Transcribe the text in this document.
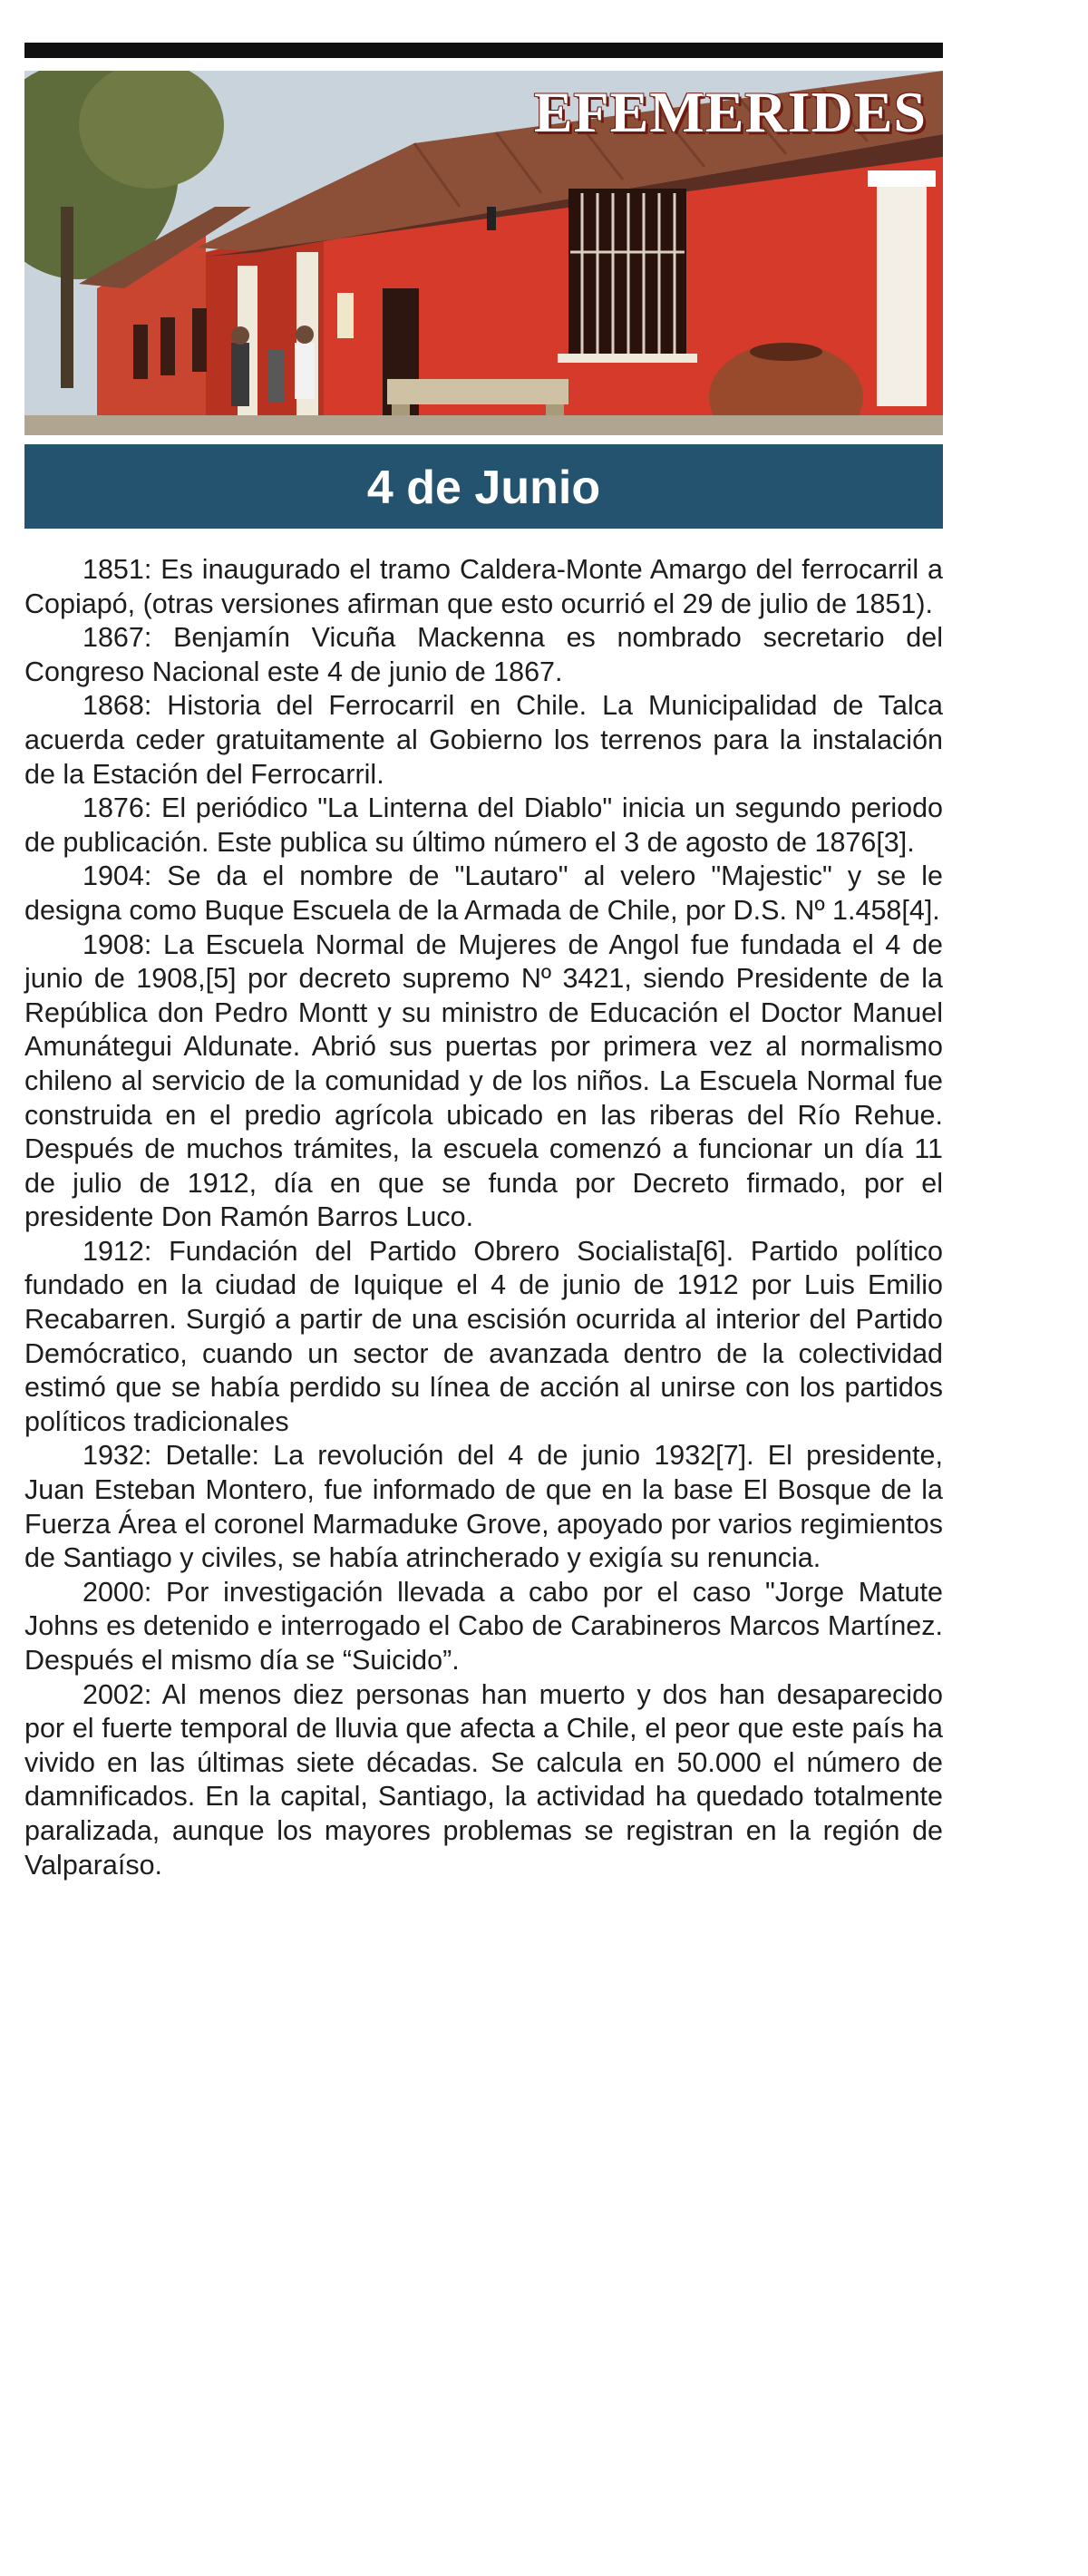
EFEMERIDES
4 de Junio

1851: Es inaugurado el tramo Caldera-Monte Amargo del ferrocarril a Copiapó, (otras versiones afirman que esto ocurrió el 29 de julio de 1851).

1867: Benjamín Vicuña Mackenna es nombrado secretario del Congreso Nacional este 4 de junio de 1867.

1868: Historia del Ferrocarril en Chile. La Municipalidad de Talca acuerda ceder gratuitamente al Gobierno los terrenos para la instalación de la Estación del Ferrocarril.

1876: El periódico "La Linterna del Diablo" inicia un segundo periodo de publicación. Este publica su último número el 3 de agosto de 1876[3].

1904: Se da el nombre de "Lautaro" al velero "Majestic" y se le designa como Buque Escuela de la Armada de Chile, por D.S. Nº 1.458[4].

1908: La Escuela Normal de Mujeres de Angol fue fundada el 4 de junio de 1908,[5] por decreto supremo Nº 3421, siendo Presidente de la República don Pedro Montt y su ministro de Educación el Doctor Manuel Amunátegui Aldunate. Abrió sus puertas por primera vez al normalismo chileno al servicio de la comunidad y de los niños. La Escuela Normal fue construida en el predio agrícola ubicado en las riberas del Río Rehue. Después de muchos trámites, la escuela comenzó a funcionar un día 11 de julio de 1912, día en que se funda por Decreto firmado, por el presidente Don Ramón Barros Luco.

1912: Fundación del Partido Obrero Socialista[6]. Partido político fundado en la ciudad de Iquique el 4 de junio de 1912 por Luis Emilio Recabarren. Surgió a partir de una escisión ocurrida al interior del Partido Demócratico, cuando un sector de avanzada dentro de la colectividad estimó que se había perdido su línea de acción al unirse con los partidos políticos tradicionales

1932: Detalle: La revolución del 4 de junio 1932[7]. El presidente, Juan Esteban Montero, fue informado de que en la base El Bosque de la Fuerza Área el coronel Marmaduke Grove, apoyado por varios regimientos de Santiago y civiles, se había atrincherado y exigía su renuncia.

2000: Por investigación llevada a cabo por el caso "Jorge Matute Johns es detenido e interrogado el Cabo de Carabineros Marcos Martínez. Después el mismo día se “Suicido”.

2002: Al menos diez personas han muerto y dos han desaparecido por el fuerte temporal de lluvia que afecta a Chile, el peor que este país ha vivido en las últimas siete décadas. Se calcula en 50.000 el número de damnificados. En la capital, Santiago, la actividad ha quedado totalmente paralizada, aunque los mayores problemas se registran en la región de Valparaíso.
